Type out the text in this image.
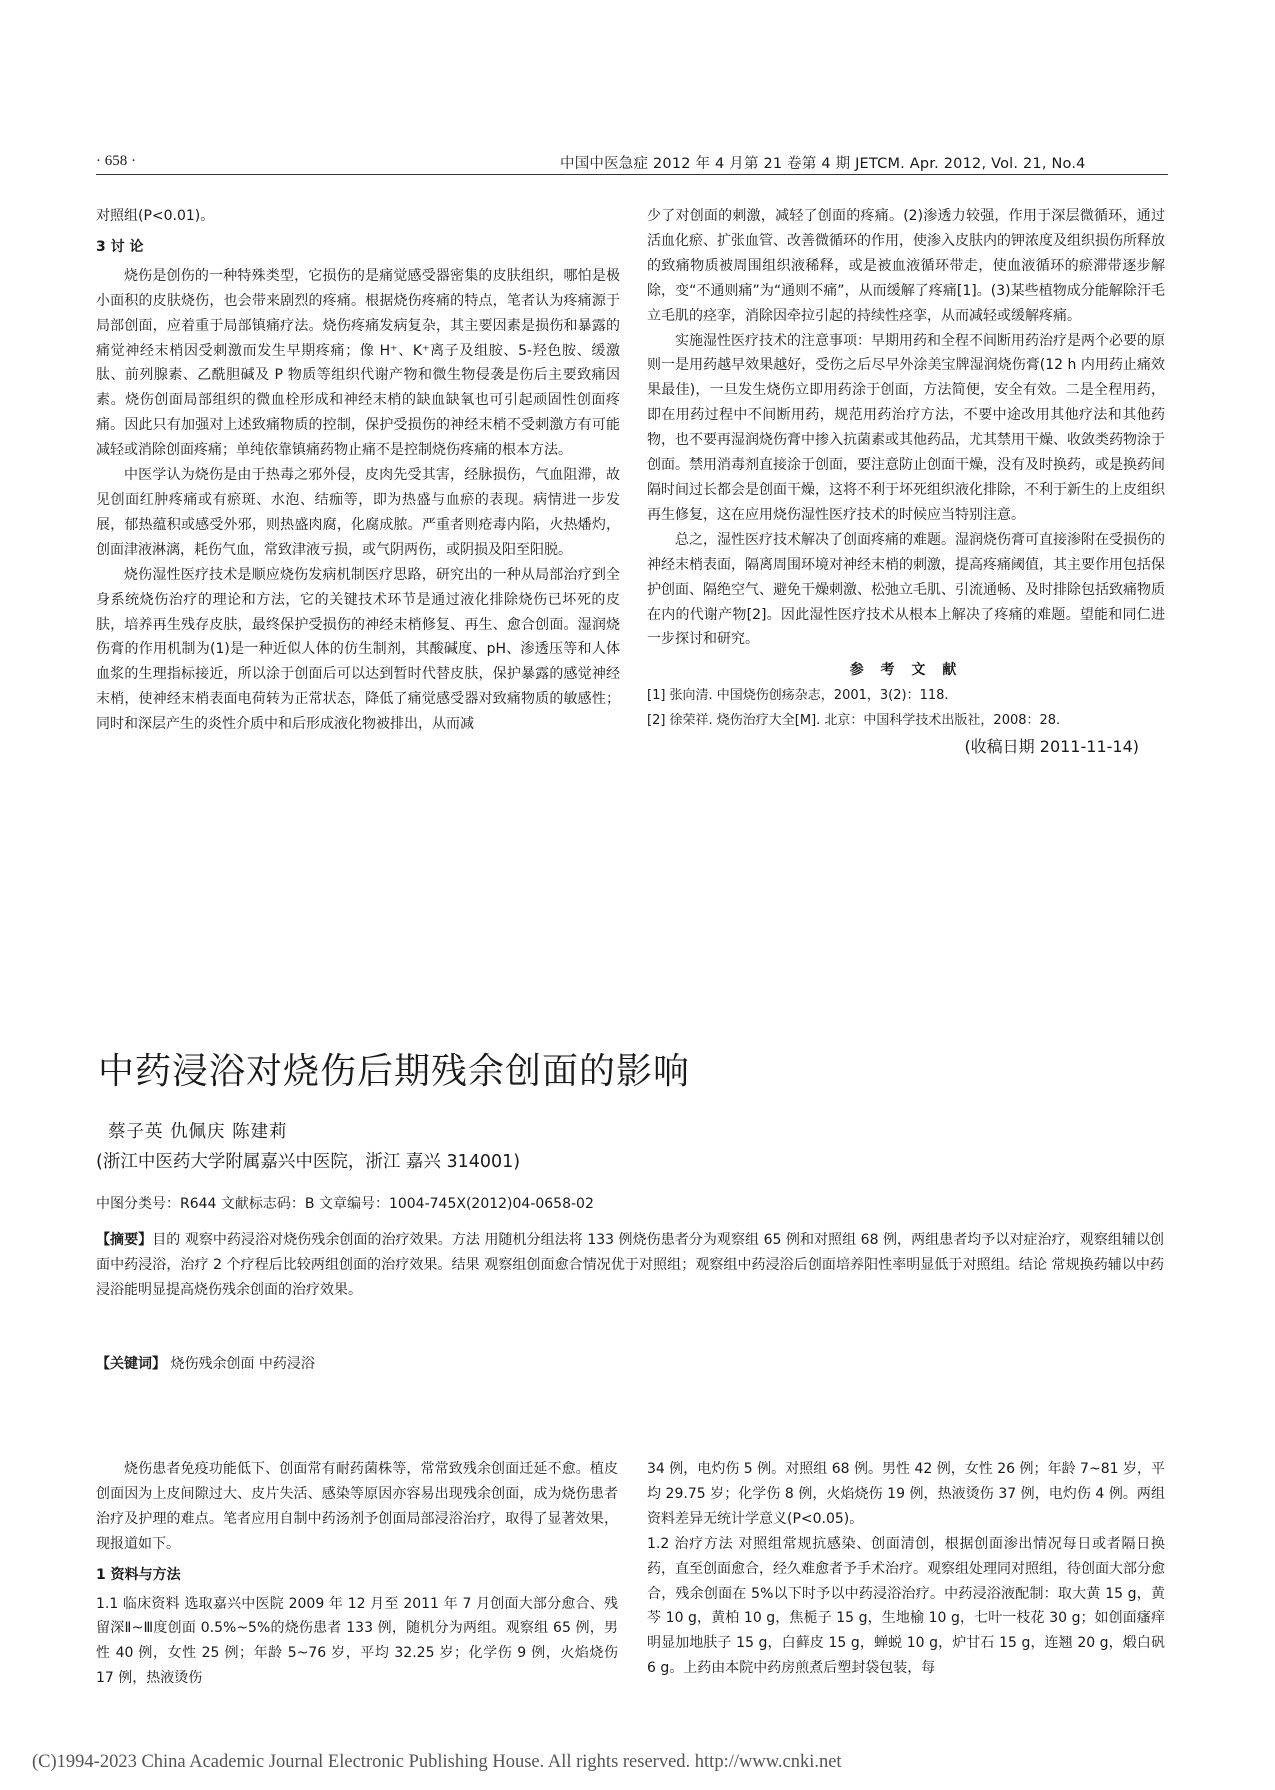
· 658 ·	中国中医急症 2012 年 4 月第 21 卷第 4 期 JETCM. Apr. 2012, Vol. 21, No.4

对照组(P<0.01)。

3 讨 论

烧伤是创伤的一种特殊类型，它损伤的是痛觉感受器密集的皮肤组织，哪怕是极小面积的皮肤烧伤，也会带来剧烈的疼痛。根据烧伤疼痛的特点，笔者认为疼痛源于局部创面，应着重于局部镇痛疗法。烧伤疼痛发病复杂，其主要因素是损伤和暴露的痛觉神经末梢因受刺激而发生早期疼痛；像 H⁺、K⁺离子及组胺、5-羟色胺、缓激肽、前列腺素、乙酰胆碱及 P 物质等组织代谢产物和微生物侵袭是伤后主要致痛因素。烧伤创面局部组织的微血栓形成和神经末梢的缺血缺氧也可引起顽固性创面疼痛。因此只有加强对上述致痛物质的控制，保护受损伤的神经末梢不受刺激方有可能减轻或消除创面疼痛；单纯依靠镇痛药物止痛不是控制烧伤疼痛的根本方法。

中医学认为烧伤是由于热毒之邪外侵，皮肉先受其害，经脉损伤，气血阻滞，故见创面红肿疼痛或有瘀斑、水泡、结痂等，即为热盛与血瘀的表现。病情进一步发展，郁热蕴积或感受外邪，则热盛肉腐，化腐成脓。严重者则疮毒内陷，火热燔灼，创面津液淋漓，耗伤气血，常致津液亏损，或气阴两伤，或阴损及阳至阳脱。

烧伤湿性医疗技术是顺应烧伤发病机制医疗思路，研究出的一种从局部治疗到全身系统烧伤治疗的理论和方法，它的关键技术环节是通过液化排除烧伤已坏死的皮肤，培养再生残存皮肤，最终保护受损伤的神经末梢修复、再生、愈合创面。湿润烧伤膏的作用机制为(1)是一种近似人体的仿生制剂，其酸碱度、pH、渗透压等和人体血浆的生理指标接近，所以涂于创面后可以达到暂时代替皮肤，保护暴露的感觉神经末梢，使神经末梢表面电荷转为正常状态，降低了痛觉感受器对致痛物质的敏感性；同时和深层产生的炎性介质中和后形成液化物被排出，从而减

少了对创面的刺激，减轻了创面的疼痛。(2)渗透力较强，作用于深层微循环，通过活血化瘀、扩张血管、改善微循环的作用，使渗入皮肤内的钾浓度及组织损伤所释放的致痛物质被周围组织液稀释，或是被血液循环带走，使血液循环的瘀滞带逐步解除，变“不通则痛”为“通则不痛”，从而缓解了疼痛[1]。(3)某些植物成分能解除汗毛立毛肌的痉挛，消除因牵拉引起的持续性痉挛，从而减轻或缓解疼痛。

实施湿性医疗技术的注意事项：早期用药和全程不间断用药治疗是两个必要的原则一是用药越早效果越好，受伤之后尽早外涂美宝牌湿润烧伤膏(12 h 内用药止痛效果最佳)，一旦发生烧伤立即用药涂于创面，方法简便，安全有效。二是全程用药，即在用药过程中不间断用药，规范用药治疗方法，不要中途改用其他疗法和其他药物，也不要再湿润烧伤膏中掺入抗菌素或其他药品，尤其禁用干燥、收敛类药物涂于创面。禁用消毒剂直接涂于创面，要注意防止创面干燥，没有及时换药，或是换药间隔时间过长都会是创面干燥，这将不利于坏死组织液化排除，不利于新生的上皮组织再生修复，这在应用烧伤湿性医疗技术的时候应当特别注意。

总之，湿性医疗技术解决了创面疼痛的难题。湿润烧伤膏可直接渗附在受损伤的神经末梢表面，隔离周围环境对神经末梢的刺激，提高疼痛阈值，其主要作用包括保护创面、隔绝空气、避免干燥刺激、松弛立毛肌、引流通畅、及时排除包括致痛物质在内的代谢产物[2]。因此湿性医疗技术从根本上解决了疼痛的难题。望能和同仁进一步探讨和研究。

参 考 文 献

[1] 张向清. 中国烧伤创疡杂志，2001，3(2)：118.

[2] 徐荣祥. 烧伤治疗大全[M]. 北京：中国科学技术出版社，2008：28.

(收稿日期 2011-11-14)

中药浸浴对烧伤后期残余创面的影响
蔡子英 仇佩庆 陈建莉
(浙江中医药大学附属嘉兴中医院，浙江 嘉兴 314001)
中图分类号：R644 文献标志码：B 文章编号：1004-745X(2012)04-0658-02
【摘要】目的 观察中药浸浴对烧伤残余创面的治疗效果。方法 用随机分组法将 133 例烧伤患者分为观察组 65 例和对照组 68 例，两组患者均予以对症治疗，观察组辅以创面中药浸浴，治疗 2 个疗程后比较两组创面的治疗效果。结果 观察组创面愈合情况优于对照组；观察组中药浸浴后创面培养阳性率明显低于对照组。结论 常规换药辅以中药浸浴能明显提高烧伤残余创面的治疗效果。
【关键词】 烧伤残余创面 中药浸浴

烧伤患者免疫功能低下、创面常有耐药菌株等，常常致残余创面迁延不愈。植皮创面因为上皮间隙过大、皮片失活、感染等原因亦容易出现残余创面，成为烧伤患者治疗及护理的难点。笔者应用自制中药汤剂予创面局部浸浴治疗，取得了显著效果，现报道如下。

1 资料与方法

1.1 临床资料 选取嘉兴中医院 2009 年 12 月至 2011 年 7 月创面大部分愈合、残留深Ⅱ~Ⅲ度创面 0.5%~5%的烧伤患者 133 例，随机分为两组。观察组 65 例，男性 40 例，女性 25 例；年龄 5~76 岁，平均 32.25 岁；化学伤 9 例，火焰烧伤 17 例，热液烫伤

34 例，电灼伤 5 例。对照组 68 例。男性 42 例，女性 26 例；年龄 7~81 岁，平均 29.75 岁；化学伤 8 例，火焰烧伤 19 例，热液烫伤 37 例，电灼伤 4 例。两组资料差异无统计学意义(P<0.05)。

1.2 治疗方法 对照组常规抗感染、创面清创，根据创面渗出情况每日或者隔日换药，直至创面愈合，经久难愈者予手术治疗。观察组处理同对照组，待创面大部分愈合，残余创面在 5%以下时予以中药浸浴治疗。中药浸浴液配制：取大黄 15 g，黄芩 10 g，黄柏 10 g，焦栀子 15 g，生地榆 10 g，七叶一枝花 30 g；如创面瘙痒明显加地肤子 15 g，白藓皮 15 g，蝉蜕 10 g，炉甘石 15 g，连翘 20 g，煅白矾 6 g。上药由本院中药房煎煮后塑封袋包装，每

(C)1994-2023 China Academic Journal Electronic Publishing House. All rights reserved. http://www.cnki.net
